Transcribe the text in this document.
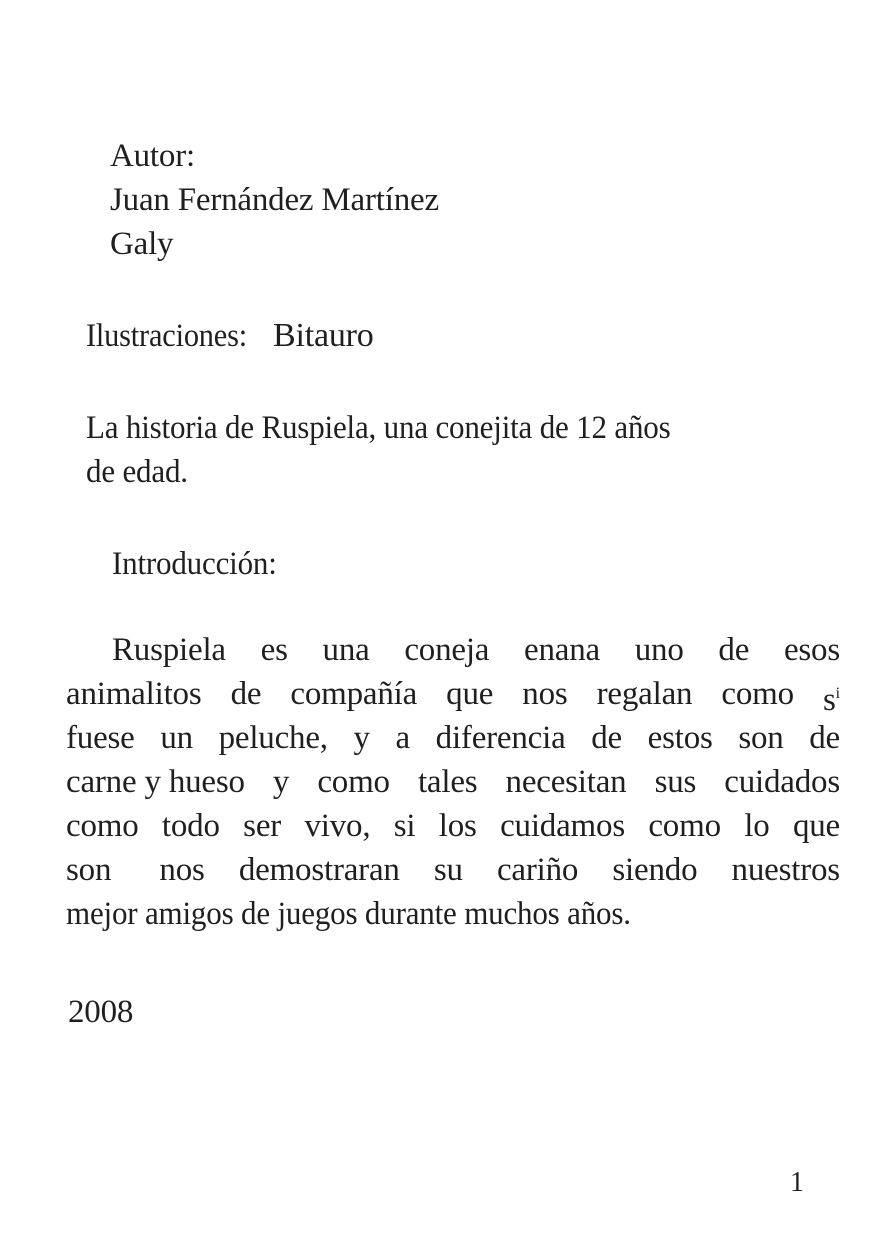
Autor:
Juan Fernández Martínez
Galy
Ilustraciones: Bitauro
La historia de Ruspiela, una conejita de 12 años
de edad.
Introducción:
Ruspiela es una coneja enana uno de esos
animalitos de compañía que nos regalan como $s^i$
fuese un peluche, y a diferencia de estos son de
carne y hueso y como tales necesitan sus cuidados
como todo ser vivo, si los cuidamos como lo que
son nos demostraran su cariño siendo nuestros
mejor amigos de juegos durante muchos años.
2008
1
